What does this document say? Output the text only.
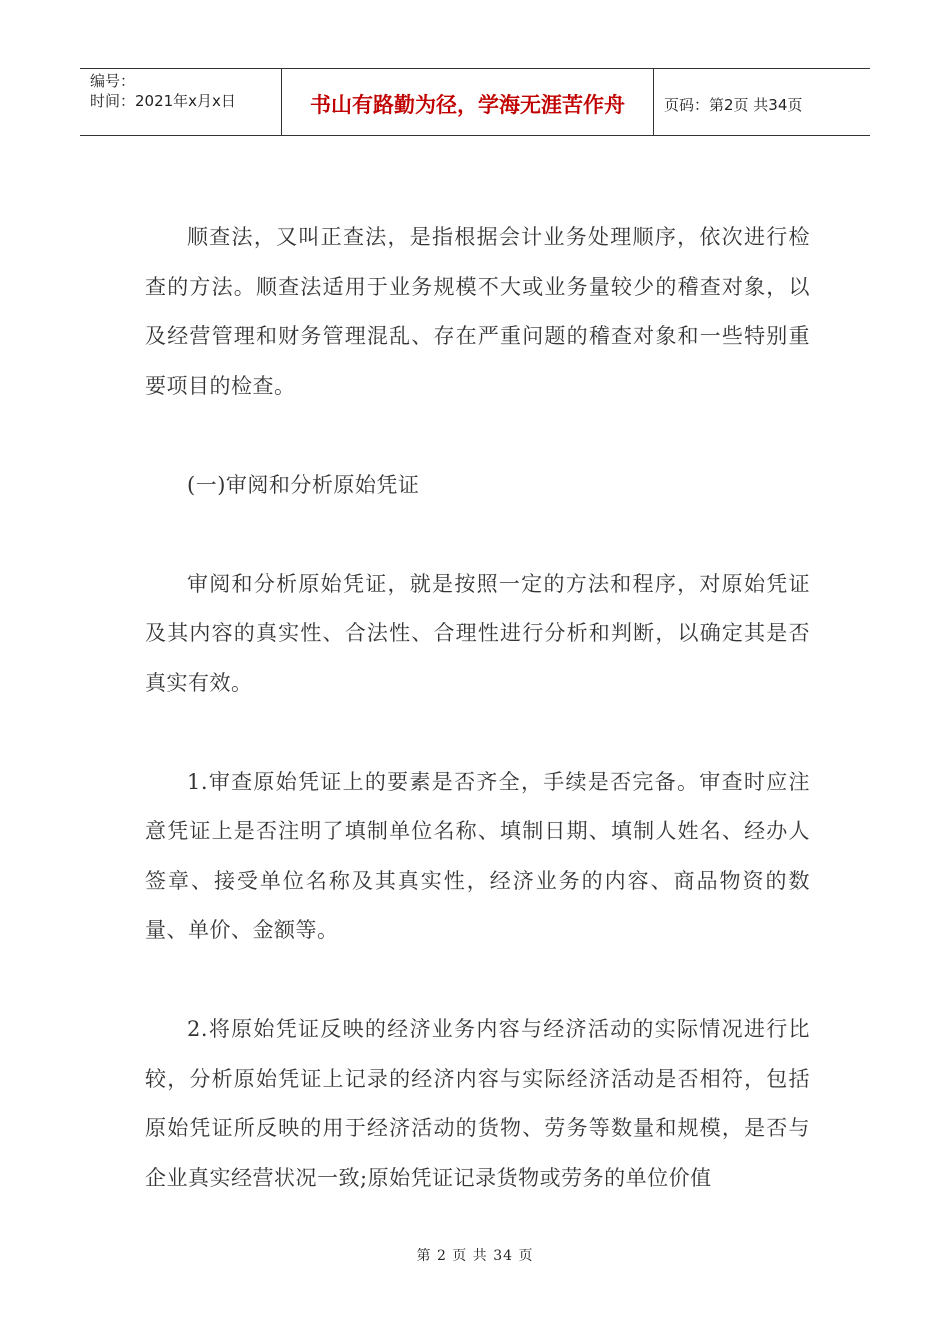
编号：
时间：2021年x月x日	书山有路勤为径，学海无涯苦作舟	页码：第2页 共34页

顺查法，又叫正查法，是指根据会计业务处理顺序，依次进行检查的方法。顺查法适用于业务规模不大或业务量较少的稽查对象，以及经营管理和财务管理混乱、存在严重问题的稽查对象和一些特别重要项目的检查。

(一)审阅和分析原始凭证

审阅和分析原始凭证，就是按照一定的方法和程序，对原始凭证及其内容的真实性、合法性、合理性进行分析和判断，以确定其是否真实有效。

1.审查原始凭证上的要素是否齐全，手续是否完备。审查时应注意凭证上是否注明了填制单位名称、填制日期、填制人姓名、经办人签章、接受单位名称及其真实性，经济业务的内容、商品物资的数量、单价、金额等。

2.将原始凭证反映的经济业务内容与经济活动的实际情况进行比较，分析原始凭证上记录的经济内容与实际经济活动是否相符，包括原始凭证所反映的用于经济活动的货物、劳务等数量和规模，是否与企业真实经营状况一致;原始凭证记录货物或劳务的单位价值

第 2 页 共 34 页
